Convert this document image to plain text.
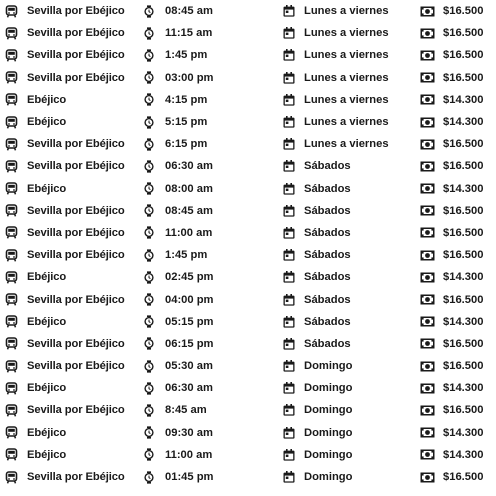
Sevilla por Ebéjico	08:45 am	Lunes a viernes	$16.500
Sevilla por Ebéjico	11:15 am	Lunes a viernes	$16.500
Sevilla por Ebéjico	1:45 pm	Lunes a viernes	$16.500
Sevilla por Ebéjico	03:00 pm	Lunes a viernes	$16.500
Ebéjico	4:15 pm	Lunes a viernes	$14.300
Ebéjico	5:15 pm	Lunes a viernes	$14.300
Sevilla por Ebéjico	6:15 pm	Lunes a viernes	$16.500
Sevilla por Ebéjico	06:30 am	Sábados	$16.500
Ebéjico	08:00 am	Sábados	$14.300
Sevilla por Ebéjico	08:45 am	Sábados	$16.500
Sevilla por Ebéjico	11:00 am	Sábados	$16.500
Sevilla por Ebéjico	1:45 pm	Sábados	$16.500
Ebéjico	02:45 pm	Sábados	$14.300
Sevilla por Ebéjico	04:00 pm	Sábados	$16.500
Ebéjico	05:15 pm	Sábados	$14.300
Sevilla por Ebéjico	06:15 pm	Sábados	$16.500
Sevilla por Ebéjico	05:30 am	Domingo	$16.500
Ebéjico	06:30 am	Domingo	$14.300
Sevilla por Ebéjico	8:45 am	Domingo	$16.500
Ebéjico	09:30 am	Domingo	$14.300
Ebéjico	11:00 am	Domingo	$14.300
Sevilla por Ebéjico	01:45 pm	Domingo	$16.500
